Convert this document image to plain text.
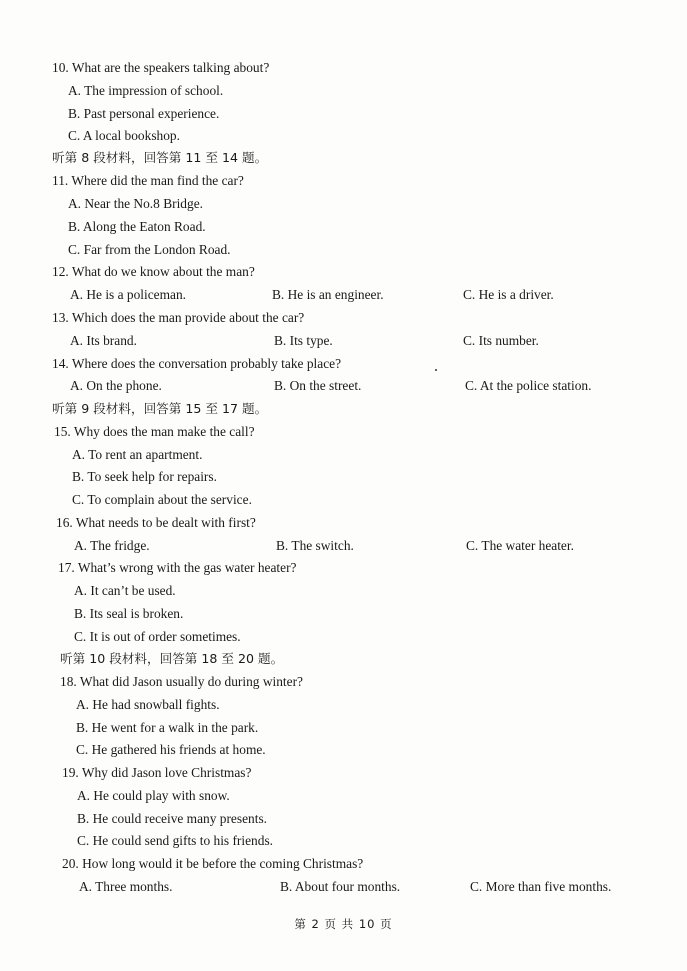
10. What are the speakers talking about?
A. The impression of school.
B. Past personal experience.
C. A local bookshop.
听第 8 段材料，回答第 11 至 14 题。
11. Where did the man find the car?
A. Near the No.8 Bridge.
B. Along the Eaton Road.
C. Far from the London Road.
12. What do we know about the man?
A. He is a policeman.	B. He is an engineer.	C. He is a driver.
13. Which does the man provide about the car?
A. Its brand.	B. Its type.	C. Its number.
14. Where does the conversation probably take place?
A. On the phone.	B. On the street.	C. At the police station.
听第 9 段材料，回答第 15 至 17 题。
15. Why does the man make the call?
A. To rent an apartment.
B. To seek help for repairs.
C. To complain about the service.
16. What needs to be dealt with first?
A. The fridge.	B. The switch.	C. The water heater.
17. What’s wrong with the gas water heater?
A. It can’t be used.
B. Its seal is broken.
C. It is out of order sometimes.
听第 10 段材料，回答第 18 至 20 题。
18. What did Jason usually do during winter?
A. He had snowball fights.
B. He went for a walk in the park.
C. He gathered his friends at home.
19. Why did Jason love Christmas?
A. He could play with snow.
B. He could receive many presents.
C. He could send gifts to his friends.
20. How long would it be before the coming Christmas?
A. Three months.	B. About four months.	C. More than five months.
第 2 页 共 10 页
